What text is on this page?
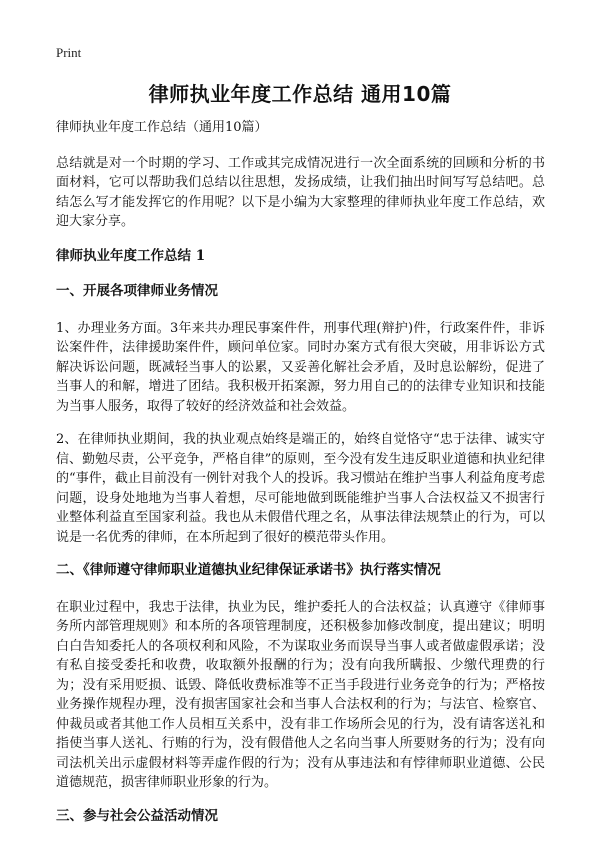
Print
律师执业年度工作总结 通用10篇

律师执业年度工作总结（通用10篇）

总结就是对一个时期的学习、工作或其完成情况进行一次全面系统的回顾和分析的书面材料，它可以帮助我们总结以往思想，发扬成绩，让我们抽出时间写写总结吧。总结怎么写才能发挥它的作用呢？以下是小编为大家整理的律师执业年度工作总结，欢迎大家分享。

律师执业年度工作总结 1

一、开展各项律师业务情况

1、办理业务方面。3年来共办理民事案件件，刑事代理(辩护)件，行政案件件，非诉讼案件件，法律援助案件件，顾问单位家。同时办案方式有很大突破，用非诉讼方式解决诉讼问题，既减轻当事人的讼累，又妥善化解社会矛盾，及时息讼解纷，促进了当事人的和解，增进了团结。我积极开拓案源，努力用自己的的法律专业知识和技能为当事人服务，取得了较好的经济效益和社会效益。

2、在律师执业期间，我的执业观点始终是端正的，始终自觉恪守“忠于法律、诚实守信、勤勉尽责，公平竞争，严格自律”的原则，至今没有发生违反职业道德和执业纪律的“事件，截止目前没有一例针对我个人的投诉。我习惯站在维护当事人利益角度考虑问题，设身处地地为当事人着想，尽可能地做到既能维护当事人合法权益又不损害行业整体利益直至国家利益。我也从未假借代理之名，从事法律法规禁止的行为，可以说是一名优秀的律师，在本所起到了很好的模范带头作用。

二、《律师遵守律师职业道德执业纪律保证承诺书》执行落实情况

在职业过程中，我忠于法律，执业为民，维护委托人的合法权益；认真遵守《律师事务所内部管理规则》和本所的各项管理制度，还积极参加修改制度，提出建议；明明白白告知委托人的各项权利和风险，不为谋取业务而误导当事人或者做虚假承诺；没有私自接受委托和收费，收取额外报酬的行为；没有向我所瞒报、少缴代理费的行为；没有采用贬损、诋毁、降低收费标准等不正当手段进行业务竞争的行为；严格按业务操作规程办理，没有损害国家社会和当事人合法权利的行为；与法官、检察官、仲裁员或者其他工作人员相互关系中，没有非工作场所会见的行为，没有请客送礼和指使当事人送礼、行贿的行为，没有假借他人之名向当事人所要财务的行为；没有向司法机关出示虚假材料等弄虚作假的行为；没有从事违法和有悖律师职业道德、公民道德规范，损害律师职业形象的行为。

三、参与社会公益活动情况
